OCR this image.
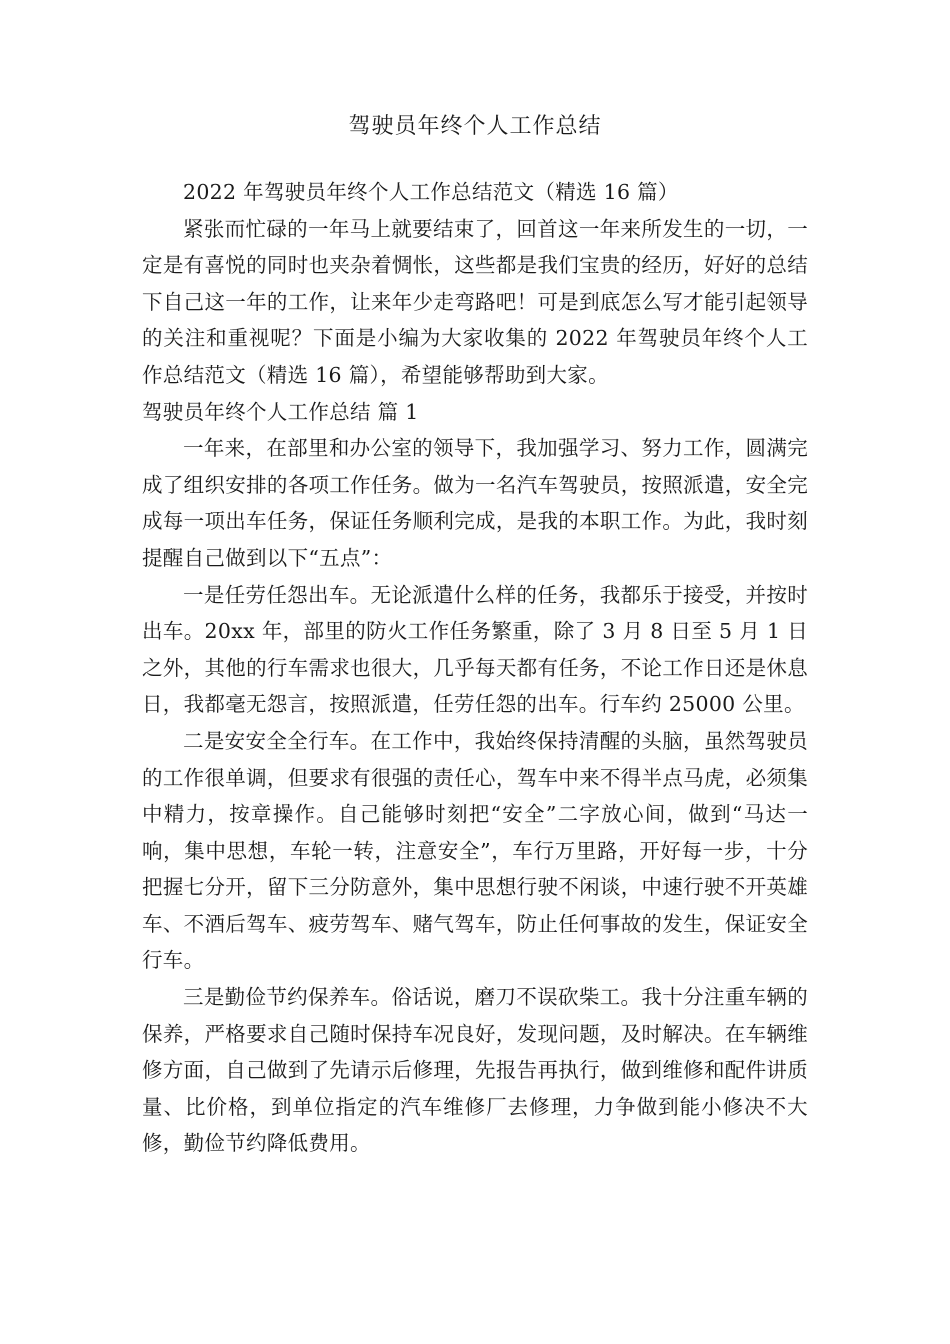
驾驶员年终个人工作总结

2022 年驾驶员年终个人工作总结范文（精选 16 篇）

紧张而忙碌的一年马上就要结束了，回首这一年来所发生的一切，一定是有喜悦的同时也夹杂着惆怅，这些都是我们宝贵的经历，好好的总结下自己这一年的工作，让来年少走弯路吧！可是到底怎么写才能引起领导的关注和重视呢？下面是小编为大家收集的 2022 年驾驶员年终个人工作总结范文（精选 16 篇），希望能够帮助到大家。

驾驶员年终个人工作总结 篇 1

一年来，在部里和办公室的领导下，我加强学习、努力工作，圆满完成了组织安排的各项工作任务。做为一名汽车驾驶员，按照派遣，安全完成每一项出车任务，保证任务顺利完成，是我的本职工作。为此，我时刻提醒自己做到以下“五点”：

一是任劳任怨出车。无论派遣什么样的任务，我都乐于接受，并按时出车。20xx 年，部里的防火工作任务繁重，除了 3 月 8 日至 5 月 1 日之外，其他的行车需求也很大，几乎每天都有任务，不论工作日还是休息日，我都毫无怨言，按照派遣，任劳任怨的出车。行车约 25000 公里。

二是安安全全行车。在工作中，我始终保持清醒的头脑，虽然驾驶员的工作很单调，但要求有很强的责任心，驾车中来不得半点马虎，必须集中精力，按章操作。自己能够时刻把“安全”二字放心间，做到“马达一响，集中思想，车轮一转，注意安全”，车行万里路，开好每一步，十分把握七分开，留下三分防意外，集中思想行驶不闲谈，中速行驶不开英雄车、不酒后驾车、疲劳驾车、赌气驾车，防止任何事故的发生，保证安全行车。

三是勤俭节约保养车。俗话说，磨刀不误砍柴工。我十分注重车辆的保养，严格要求自己随时保持车况良好，发现问题，及时解决。在车辆维修方面，自己做到了先请示后修理，先报告再执行，做到维修和配件讲质量、比价格，到单位指定的汽车维修厂去修理，力争做到能小修决不大修，勤俭节约降低费用。
